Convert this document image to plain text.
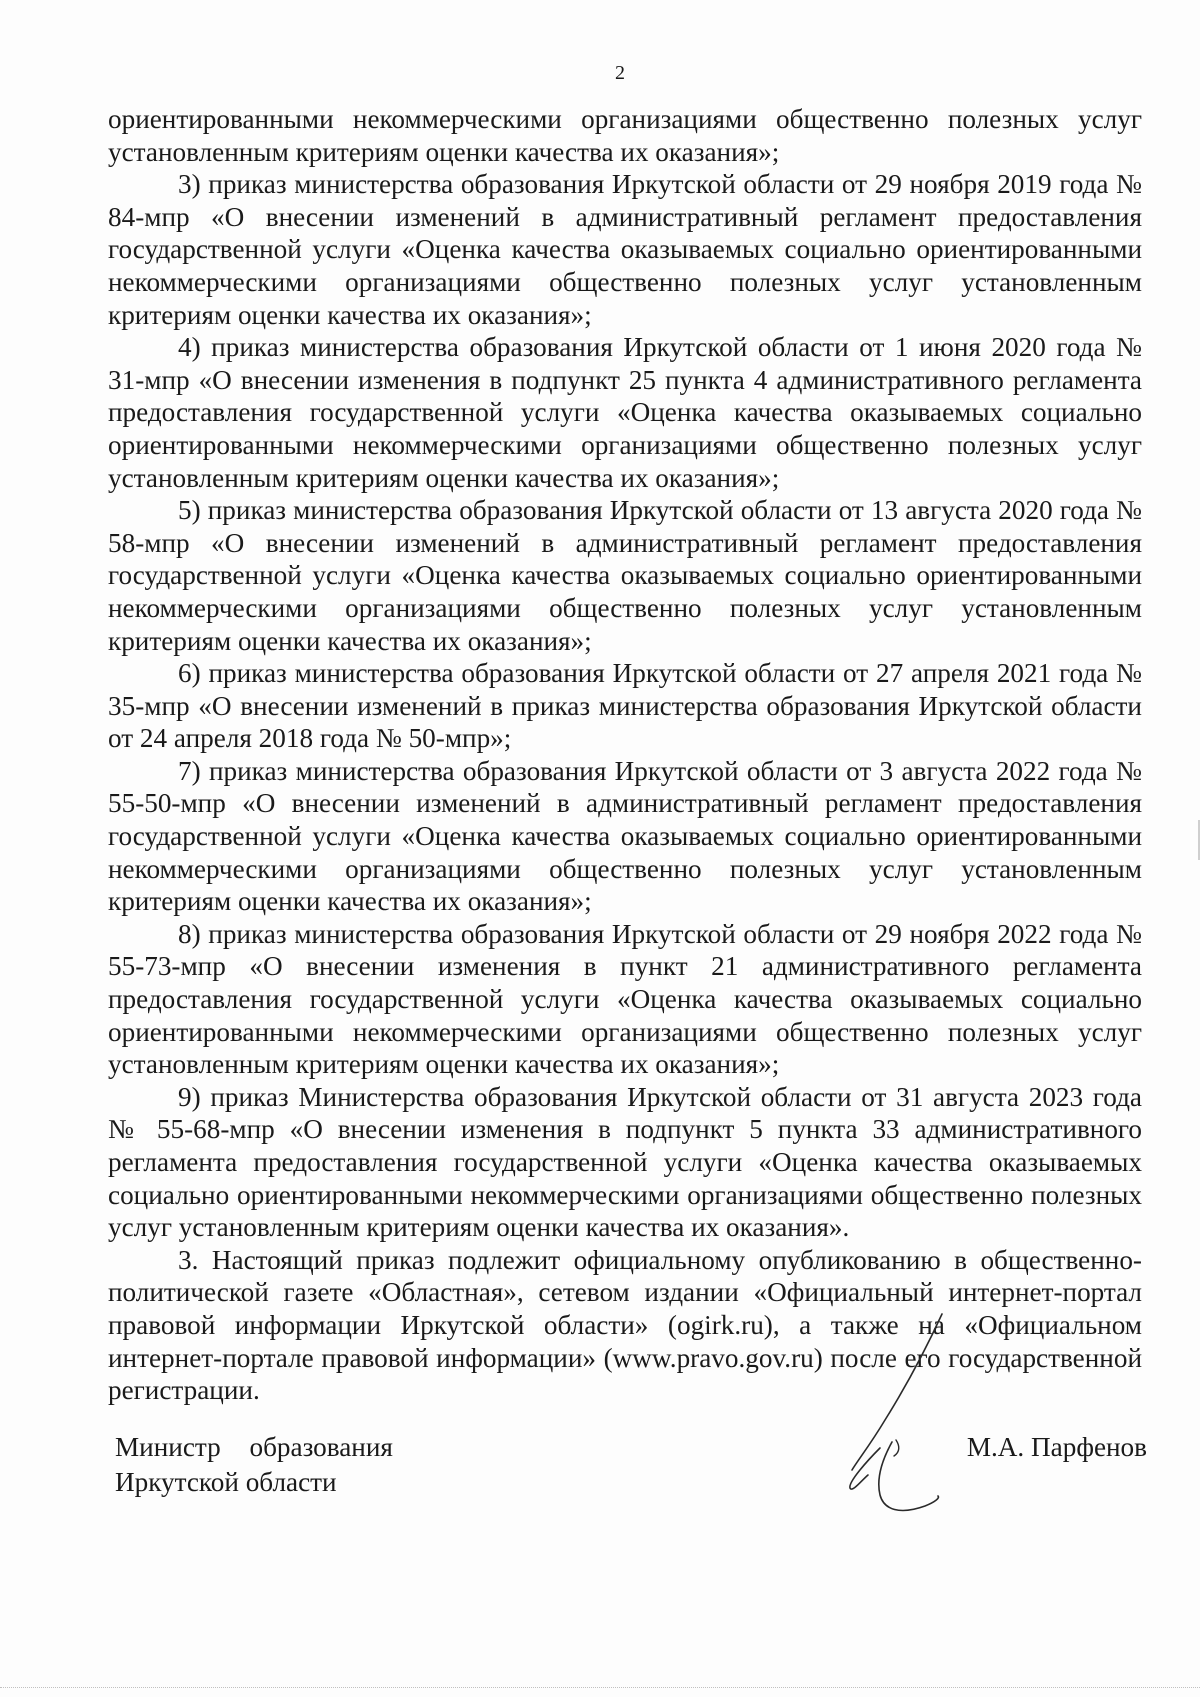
2

ориентированными некоммерческими организациями общественно полезных услуг установленным критериям оценки качества их оказания»;

3) приказ министерства образования Иркутской области от 29 ноября 2019 года № 84-мпр «О внесении изменений в административный регламент предоставления государственной услуги «Оценка качества оказываемых социально ориентированными некоммерческими организациями общественно полезных услуг установленным критериям оценки качества их оказания»;

4) приказ министерства образования Иркутской области от 1 июня 2020 года № 31-мпр «О внесении изменения в подпункт 25 пункта 4 административного регламента предоставления государственной услуги «Оценка качества оказываемых социально ориентированными некоммерческими организациями общественно полезных услуг установленным критериям оценки качества их оказания»;

5) приказ министерства образования Иркутской области от 13 августа 2020 года № 58-мпр «О внесении изменений в административный регламент предоставления государственной услуги «Оценка качества оказываемых социально ориентированными некоммерческими организациями общественно полезных услуг установленным критериям оценки качества их оказания»;

6) приказ министерства образования Иркутской области от 27 апреля 2021 года № 35-мпр «О внесении изменений в приказ министерства образования Иркутской области от 24 апреля 2018 года № 50-мпр»;

7) приказ министерства образования Иркутской области от 3 августа 2022 года № 55-50-мпр «О внесении изменений в административный регламент предоставления государственной услуги «Оценка качества оказываемых социально ориентированными некоммерческими организациями общественно полезных услуг установленным критериям оценки качества их оказания»;

8) приказ министерства образования Иркутской области от 29 ноября 2022 года № 55-73-мпр «О внесении изменения в пункт 21 административного регламента предоставления государственной услуги «Оценка качества оказываемых социально ориентированными некоммерческими организациями общественно полезных услуг установленным критериям оценки качества их оказания»;

9) приказ Министерства образования Иркутской области от 31 августа 2023 года № 55-68-мпр «О внесении изменения в подпункт 5 пункта 33 административного регламента предоставления государственной услуги «Оценка качества оказываемых социально ориентированными некоммерческими организациями общественно полезных услуг установленным критериям оценки качества их оказания».

3. Настоящий приказ подлежит официальному опубликованию в общественно-политической газете «Областная», сетевом издании «Официальный интернет-портал правовой информации Иркутской области» (ogirk.ru), а также на «Официальном интернет-портале правовой информации» (www.pravo.gov.ru) после его государственной регистрации.

Министр образования
Иркутской области
М.А. Парфенов
